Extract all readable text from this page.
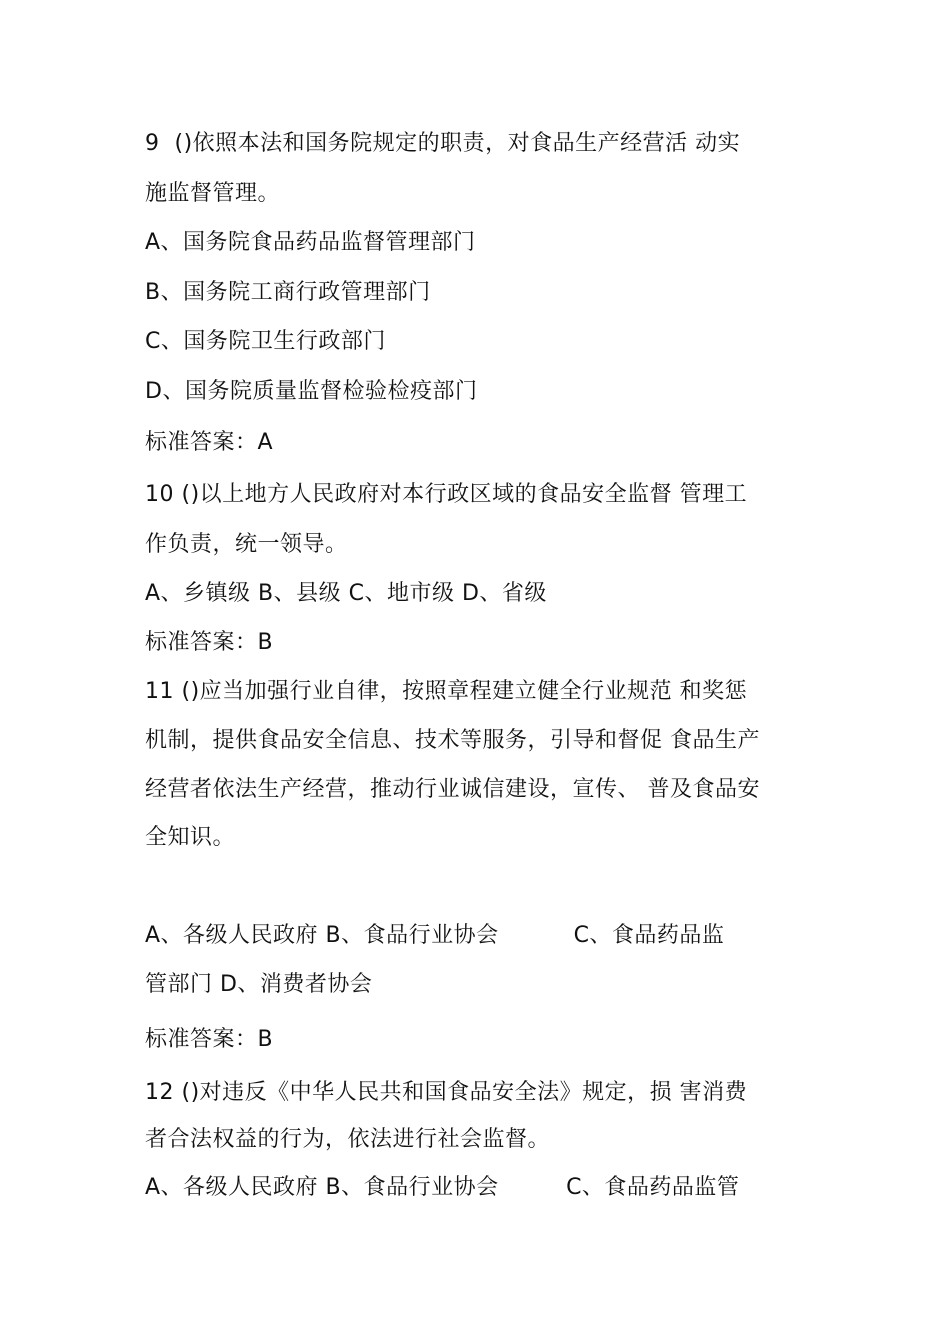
9  ()依照本法和国务院规定的职责，对食品生产经营活 动实
施监督管理。
A、国务院食品药品监督管理部门
B、国务院工商行政管理部门
C、国务院卫生行政部门
D、国务院质量监督检验检疫部门
标准答案：A
10 ()以上地方人民政府对本行政区域的食品安全监督 管理工
作负责，统一领导。
A、乡镇级 B、县级 C、地市级 D、省级
标准答案：B
11 ()应当加强行业自律，按照章程建立健全行业规范 和奖惩
机制，提供食品安全信息、技术等服务，引导和督促 食品生产
经营者依法生产经营，推动行业诚信建设，宣传、 普及食品安
全知识。
A、各级人民政府 B、食品行业协会          C、食品药品监
管部门 D、消费者协会
标准答案：B
12 ()对违反《中华人民共和国食品安全法》规定，损 害消费
者合法权益的行为，依法进行社会监督。
A、各级人民政府 B、食品行业协会         C、食品药品监管
